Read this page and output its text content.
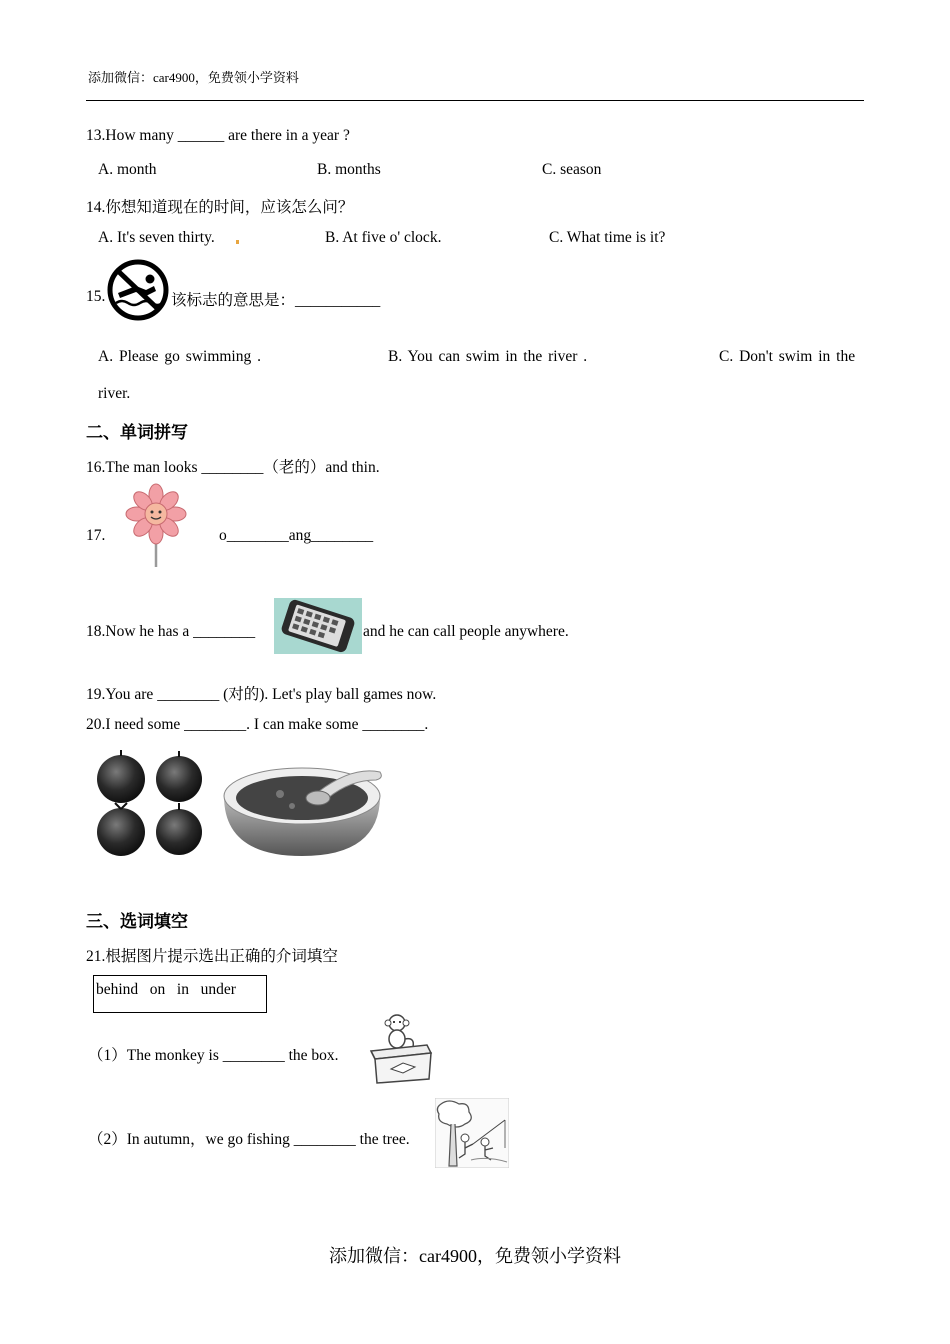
添加微信：car4900，免费领小学资料
13.How many ______ are there in a year ?
A. month	B. months	C. season
14.你想知道现在的时间，应该怎么问？
A. It's seven thirty.	B. At five o' clock.	C. What time is it?
15.	该标志的意思是：___________
A. Please go swimming .	B. You can swim in the river .	C. Don't swim in the
river.
二、单词拼写
16.The man looks ________（老的）and thin.
17.	o________ang________
18.Now he has a ________	and he can call people anywhere.
19.You are ________ (对的). Let's play ball games now.
20.I need some ________. I can make some ________.
三、选词填空
21.根据图片提示选出正确的介词填空
behind   on   in   under
（1）The monkey is ________ the box.
（2）In autumn，we go fishing ________ the tree.
添加微信：car4900，免费领小学资料
